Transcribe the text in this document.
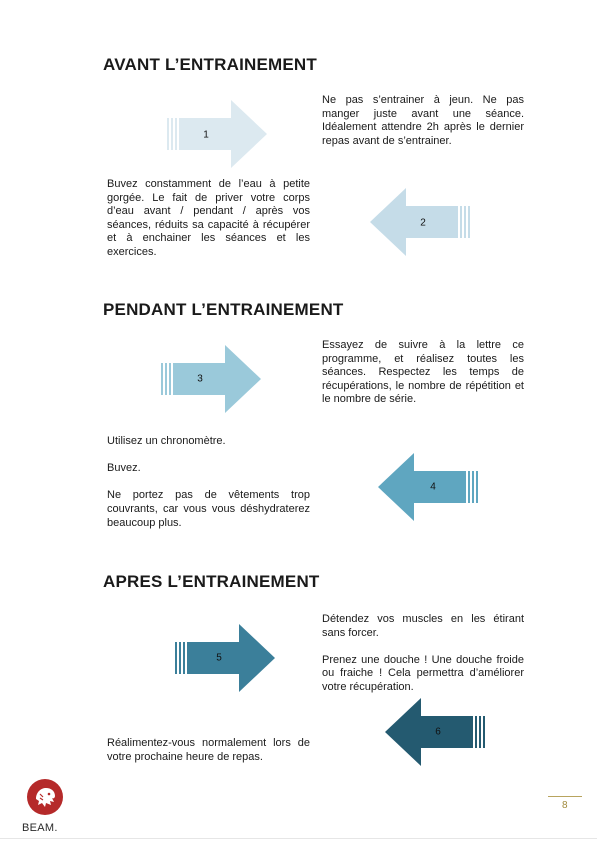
AVANT L’ENTRAINEMENT
PENDANT L’ENTRAINEMENT
APRES L’ENTRAINEMENT
1

Ne pas s’entrainer à jeun. Ne pas manger juste avant une séance. Idéalement attendre 2h après le dernier repas avant de s’entrainer.

Buvez constamment de l’eau à petite gorgée. Le fait de priver votre corps d’eau avant / pendant / après vos séances, réduits sa capacité à récupérer et à enchainer les séances et les exercices.

2
3

Essayez de suivre à la lettre ce programme, et réalisez toutes les séances. Respectez les temps de récupérations, le nombre de répétition et le nombre de série.

Utilisez un chronomètre.

Buvez.

Ne portez pas de vêtements trop couvrants, car vous vous déshydraterez beaucoup plus.

4
5

Détendez vos muscles en les étirant sans forcer.

Prenez une douche ! Une douche froide ou fraiche ! Cela permettra d’améliorer votre récupération.

Réalimentez-vous normalement lors de votre prochaine heure de repas.

6
BEAM.
8
